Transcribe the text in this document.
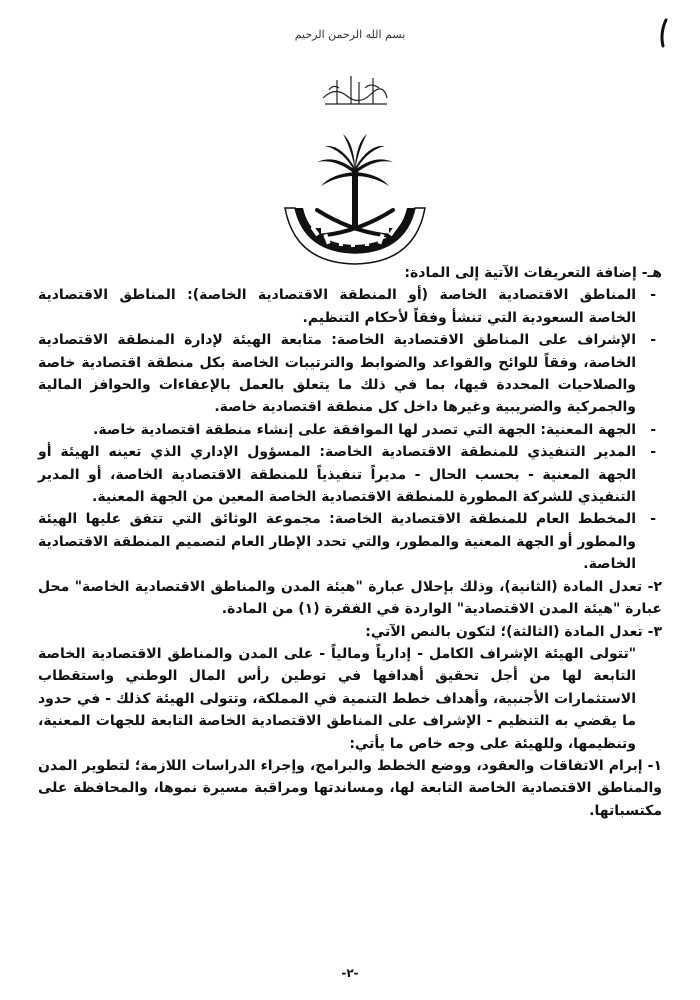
بسم الله الرحمن الرحيم

هـ- إضافة التعريفات الآتية إلى المادة:

- المناطق الاقتصادية الخاصة (أو المنطقة الاقتصادية الخاصة): المناطق الاقتصادية الخاصة السعودية التي تنشأ وفقاً لأحكام التنظيم.

- الإشراف على المناطق الاقتصادية الخاصة: متابعة الهيئة لإدارة المنطقة الاقتصادية الخاصة، وفقاً للوائح والقواعد والضوابط والترتيبات الخاصة بكل منطقة اقتصادية خاصة والصلاحيات المحددة فيها، بما في ذلك ما يتعلق بالعمل بالإعفاءات والحوافز المالية والجمركية والضريبية وغيرها داخل كل منطقة اقتصادية خاصة.

- الجهة المعنية: الجهة التي تصدر لها الموافقة على إنشاء منطقة اقتصادية خاصة.

- المدير التنفيذي للمنطقة الاقتصادية الخاصة: المسؤول الإداري الذي تعينه الهيئة أو الجهة المعنية - بحسب الحال - مديراً تنفيذياً للمنطقة الاقتصادية الخاصة، أو المدير التنفيذي للشركة المطورة للمنطقة الاقتصادية الخاصة المعين من الجهة المعنية.

- المخطط العام للمنطقة الاقتصادية الخاصة: مجموعة الوثائق التي تتفق عليها الهيئة والمطور أو الجهة المعنية والمطور، والتي تحدد الإطار العام لتصميم المنطقة الاقتصادية الخاصة.

٢- تعدل المادة (الثانية)، وذلك بإحلال عبارة "هيئة المدن والمناطق الاقتصادية الخاصة" محل عبارة "هيئة المدن الاقتصادية" الواردة في الفقرة (١) من المادة.

٣- تعدل المادة (الثالثة)؛ لتكون بالنص الآتي:

"تتولى الهيئة الإشراف الكامل - إدارياً ومالياً - على المدن والمناطق الاقتصادية الخاصة التابعة لها من أجل تحقيق أهدافها في توطين رأس المال الوطني واستقطاب الاستثمارات الأجنبية، وأهداف خطط التنمية في المملكة، وتتولى الهيئة كذلك - في حدود ما يقضي به التنظيم - الإشراف على المناطق الاقتصادية الخاصة التابعة للجهات المعنية، وتنظيمها، وللهيئة على وجه خاص ما يأتي:

١- إبرام الاتفاقات والعقود، ووضع الخطط والبرامج، وإجراء الدراسات اللازمة؛ لتطوير المدن والمناطق الاقتصادية الخاصة التابعة لها، ومساندتها ومراقبة مسيرة نموها، والمحافظة على مكتسباتها.

-٢-
